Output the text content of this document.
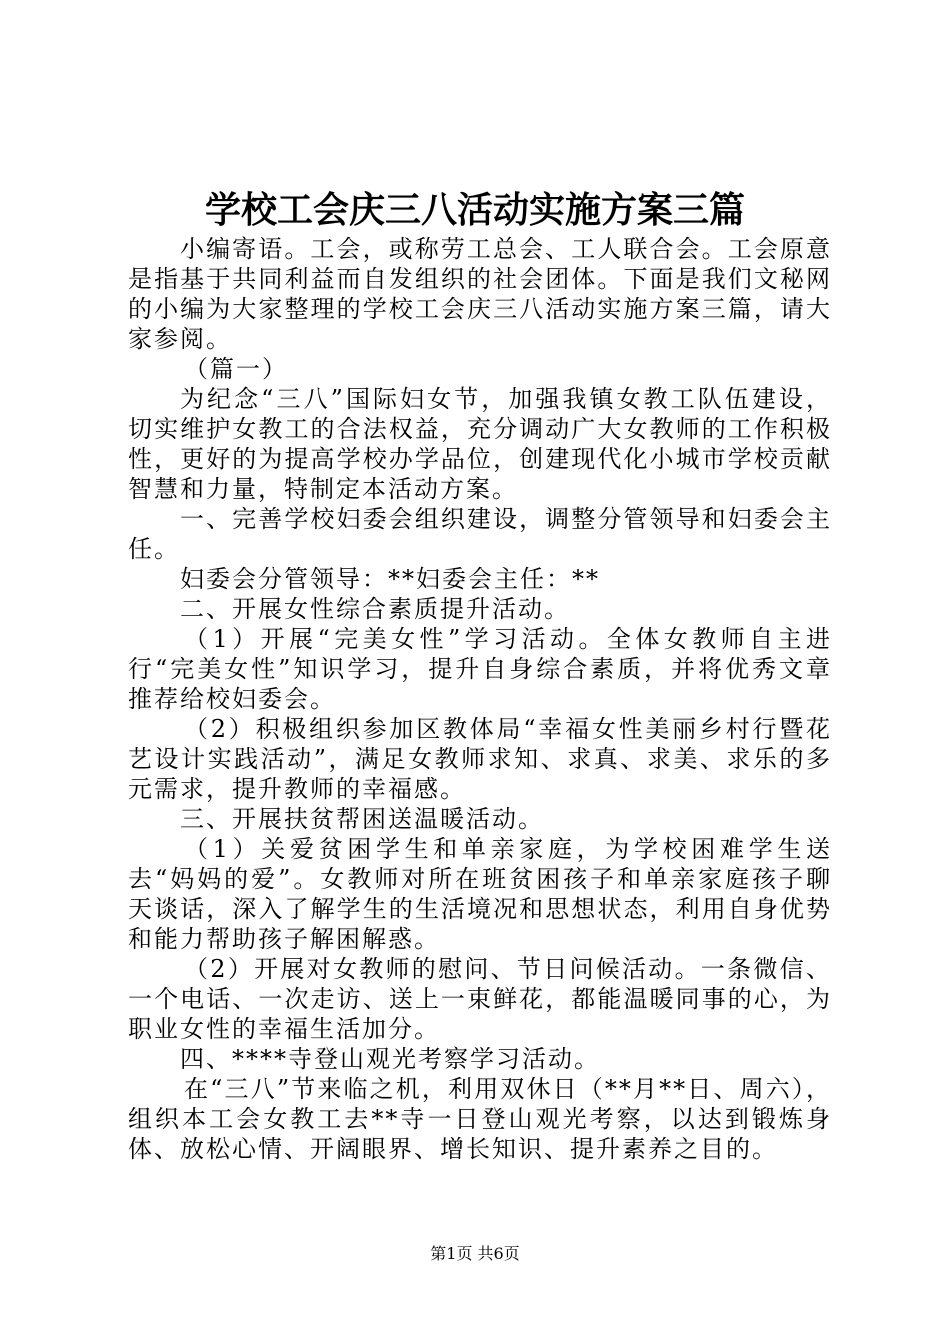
学校工会庆三八活动实施方案三篇

小编寄语。工会，或称劳工总会、工人联合会。工会原意是指基于共同利益而自发组织的社会团体。下面是我们文秘网的小编为大家整理的学校工会庆三八活动实施方案三篇，请大家参阅。

（篇一）

为纪念“三八”国际妇女节，加强我镇女教工队伍建设，切实维护女教工的合法权益，充分调动广大女教师的工作积极性，更好的为提高学校办学品位，创建现代化小城市学校贡献智慧和力量，特制定本活动方案。

一、完善学校妇委会组织建设，调整分管领导和妇委会主任。

妇委会分管领导：**妇委会主任：**

二、开展女性综合素质提升活动。

（1）开展“完美女性”学习活动。全体女教师自主进行“完美女性”知识学习，提升自身综合素质，并将优秀文章推荐给校妇委会。

（2）积极组织参加区教体局“幸福女性美丽乡村行暨花艺设计实践活动”，满足女教师求知、求真、求美、求乐的多元需求，提升教师的幸福感。

三、开展扶贫帮困送温暖活动。

（1）关爱贫困学生和单亲家庭，为学校困难学生送去“妈妈的爱”。女教师对所在班贫困孩子和单亲家庭孩子聊天谈话，深入了解学生的生活境况和思想状态，利用自身优势和能力帮助孩子解困解惑。

（2）开展对女教师的慰问、节日问候活动。一条微信、一个电话、一次走访、送上一束鲜花，都能温暖同事的心，为职业女性的幸福生活加分。

四、****寺登山观光考察学习活动。

在“三八”节来临之机，利用双休日（**月**日、周六），组织本工会女教工去**寺一日登山观光考察，以达到锻炼身体、放松心情、开阔眼界、增长知识、提升素养之目的。

第1页 共6页
